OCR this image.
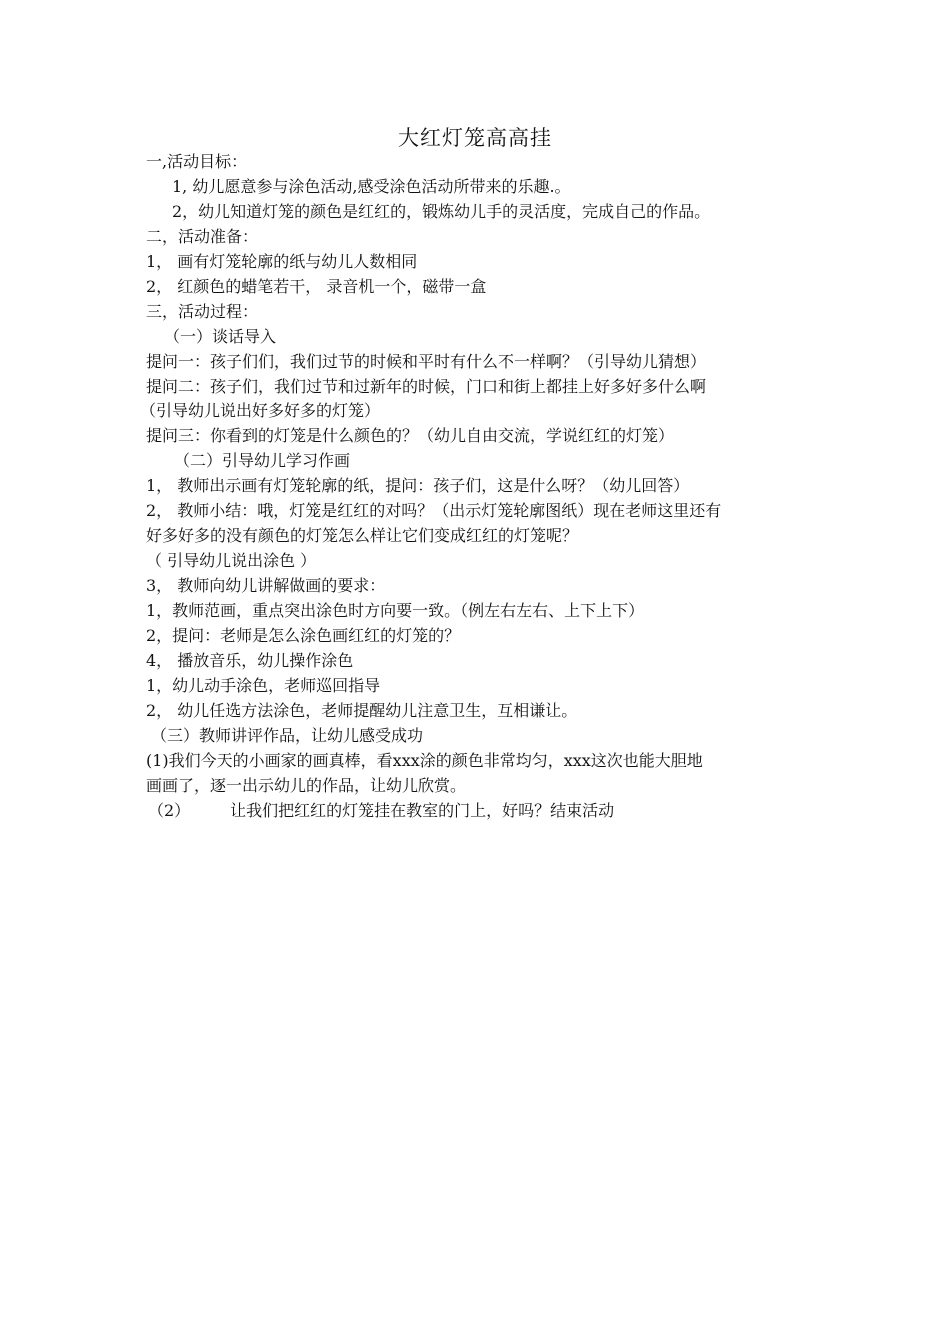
大红灯笼高高挂
一,活动目标：
1, 幼儿愿意参与涂色活动,感受涂色活动所带来的乐趣.。
2，幼儿知道灯笼的颜色是红红的，锻炼幼儿手的灵活度，完成自己的作品。
二，活动准备：
1， 画有灯笼轮廓的纸与幼儿人数相同
2， 红颜色的蜡笔若干， 录音机一个，磁带一盒
三，活动过程：
（一）谈话导入
提问一：孩子们们，我们过节的时候和平时有什么不一样啊？（引导幼儿猜想）
提问二：孩子们，我们过节和过新年的时候，门口和街上都挂上好多好多什么啊
（引导幼儿说出好多好多的灯笼）
提问三：你看到的灯笼是什么颜色的？（幼儿自由交流，学说红红的灯笼）
（二）引导幼儿学习作画
1， 教师出示画有灯笼轮廓的纸，提问：孩子们，这是什么呀？（幼儿回答）
2， 教师小结：哦，灯笼是红红的对吗？（出示灯笼轮廓图纸）现在老师这里还有
好多好多的没有颜色的灯笼怎么样让它们变成红红的灯笼呢？
（ 引导幼儿说出涂色 ）
3， 教师向幼儿讲解做画的要求：
1，教师范画，重点突出涂色时方向要一致。（例左右左右、上下上下）
2，提问：老师是怎么涂色画红红的灯笼的？
4， 播放音乐，幼儿操作涂色
1，幼儿动手涂色，老师巡回指导
2， 幼儿任选方法涂色，老师提醒幼儿注意卫生，互相谦让。
（三）教师讲评作品，让幼儿感受成功
(1)我们今天的小画家的画真棒，看xxx涂的颜色非常均匀，xxx这次也能大胆地
画画了，逐一出示幼儿的作品，让幼儿欣赏。
（2）　　　让我们把红红的灯笼挂在教室的门上，好吗？结束活动
